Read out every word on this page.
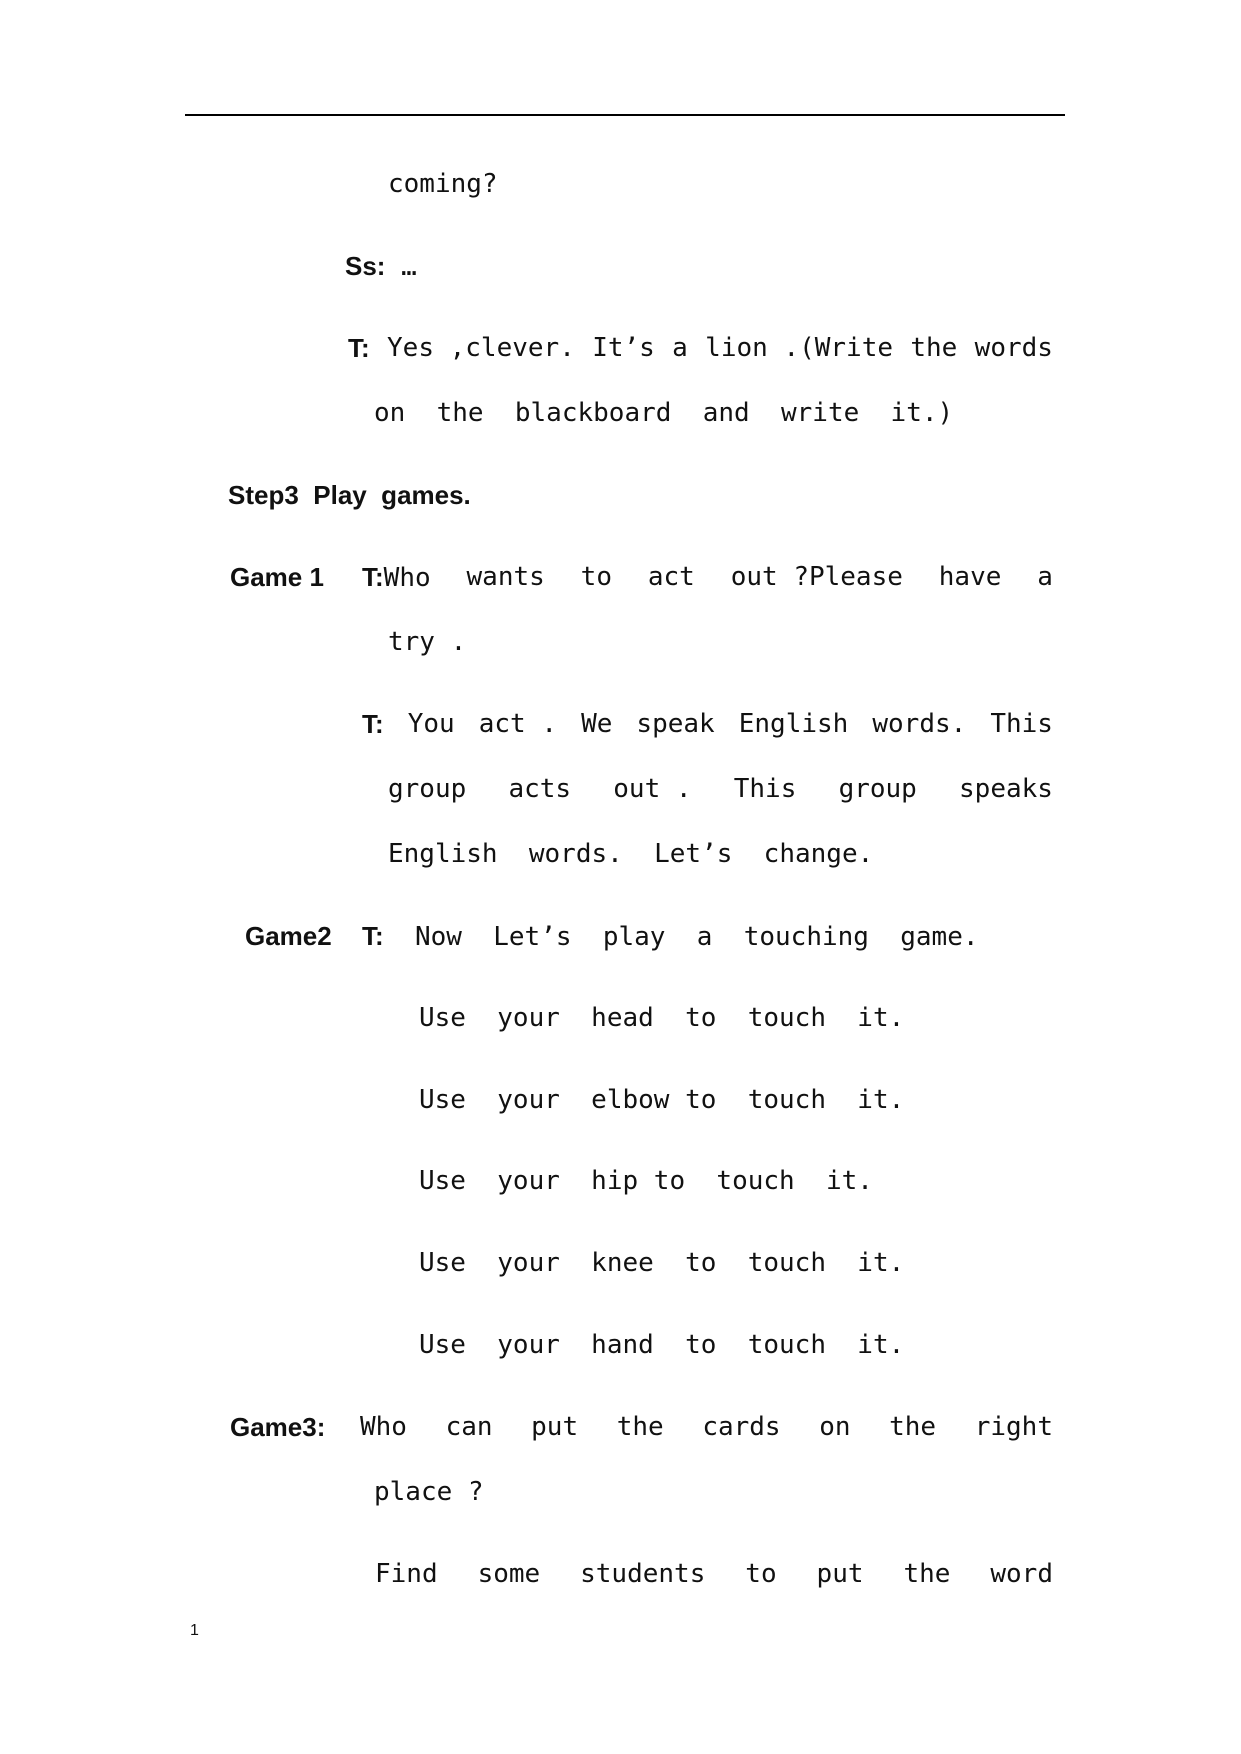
coming?
Ss: …
T: Yes ,clever. It’s a lion .(Write the words
on  the  blackboard  and  write  it.)
Step3  Play  games.
Game 1 T:Who wants to act out ?Please have a
try .
T: You act . We speak English words. This
group acts out . This group speaks
English  words.  Let’s  change.
Game2 T: Now  Let’s  play  a  touching  game.
Use  your  head  to  touch  it.
Use  your  elbow to  touch  it.
Use  your  hip to  touch  it.
Use  your  knee  to  touch  it.
Use  your  hand  to  touch  it.
Game3: Who can put the cards on the right
place ?
Find some students to put the word
1
